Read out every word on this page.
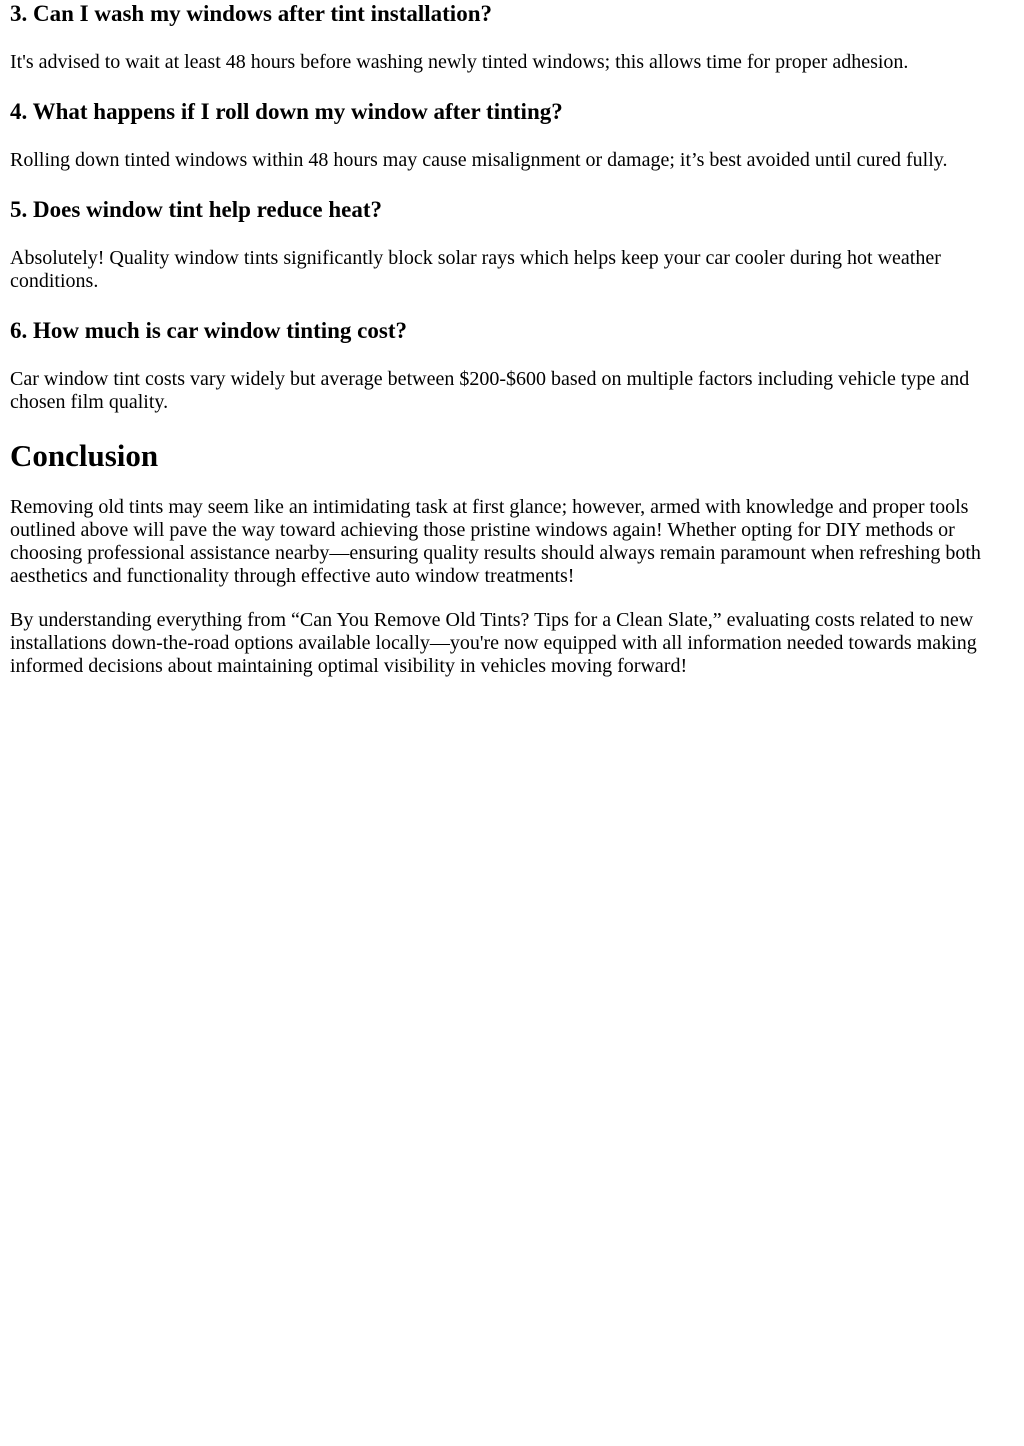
3. Can I wash my windows after tint installation?

It's advised to wait at least 48 hours before washing newly tinted windows; this allows time for proper adhesion.

4. What happens if I roll down my window after tinting?

Rolling down tinted windows within 48 hours may cause misalignment or damage; it’s best avoided until cured fully.

5. Does window tint help reduce heat?

Absolutely! Quality window tints significantly block solar rays which helps keep your car cooler during hot weather conditions.

6. How much is car window tinting cost?

Car window tint costs vary widely but average between $200-$600 based on multiple factors including vehicle type and chosen film quality.

Conclusion

Removing old tints may seem like an intimidating task at first glance; however, armed with knowledge and proper tools outlined above will pave the way toward achieving those pristine windows again! Whether opting for DIY methods or choosing professional assistance nearby—ensuring quality results should always remain paramount when refreshing both aesthetics and functionality through effective auto window treatments!

By understanding everything from “Can You Remove Old Tints? Tips for a Clean Slate,” evaluating costs related to new installations down-the-road options available locally—you're now equipped with all information needed towards making informed decisions about maintaining optimal visibility in vehicles moving forward!
